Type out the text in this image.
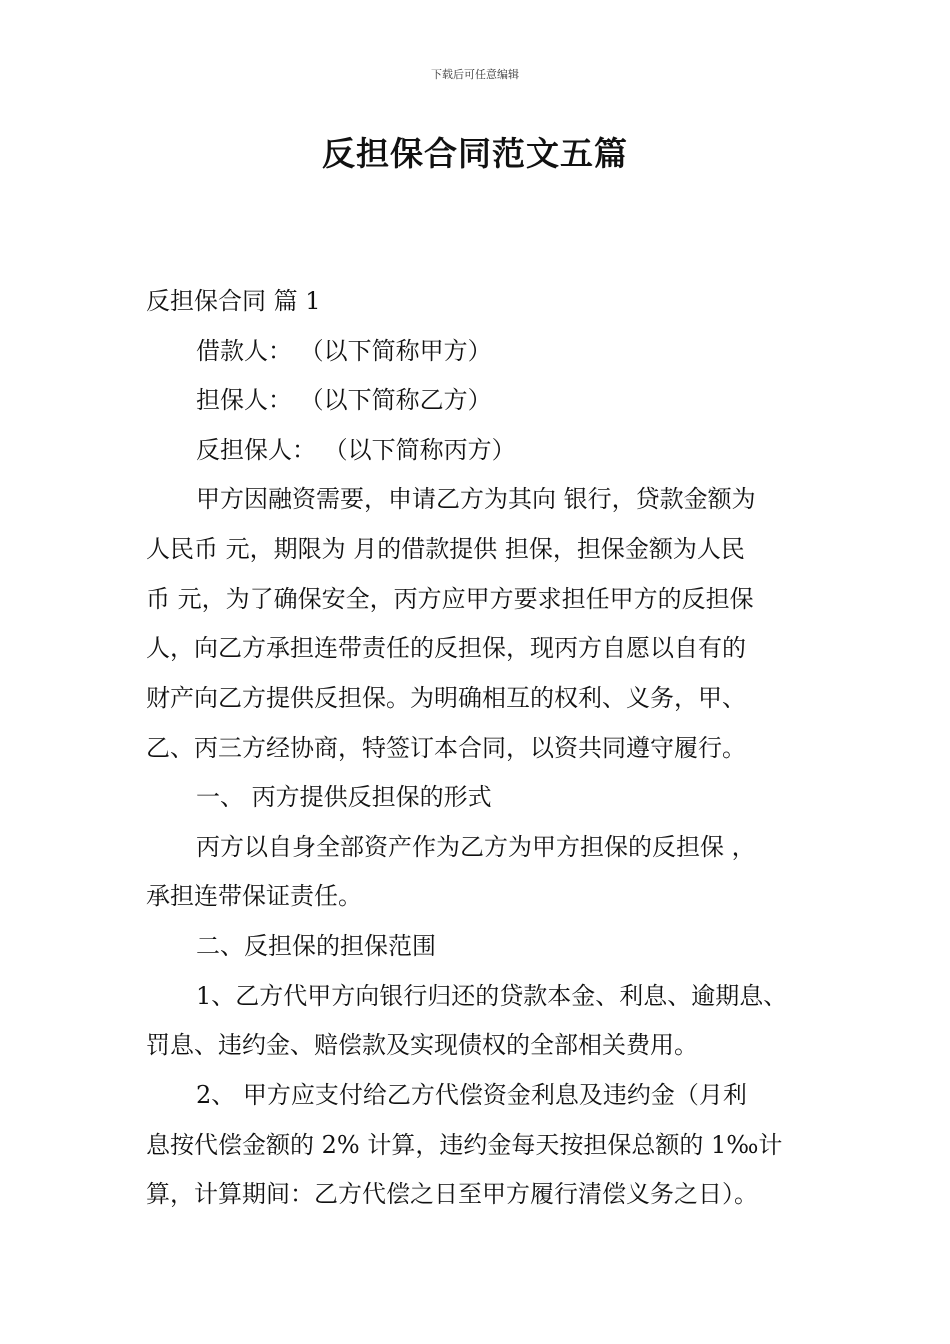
下载后可任意编辑
反担保合同范文五篇
反担保合同 篇 1
借款人： （以下简称甲方）
担保人： （以下简称乙方）
反担保人： （以下简称丙方）
甲方因融资需要，申请乙方为其向 银行，贷款金额为
人民币 元，期限为 月的借款提供 担保，担保金额为人民
币 元，为了确保安全，丙方应甲方要求担任甲方的反担保
人，向乙方承担连带责任的反担保，现丙方自愿以自有的
财产向乙方提供反担保。为明确相互的权利、义务，甲、
乙、丙三方经协商，特签订本合同，以资共同遵守履行。
一、 丙方提供反担保的形式
丙方以自身全部资产作为乙方为甲方担保的反担保 ，
承担连带保证责任。
二、反担保的担保范围
1、乙方代甲方向银行归还的贷款本金、利息、逾期息、
罚息、违约金、赔偿款及实现债权的全部相关费用。
2、 甲方应支付给乙方代偿资金利息及违约金（月利
息按代偿金额的 2% 计算，违约金每天按担保总额的 1‰计
算，计算期间：乙方代偿之日至甲方履行清偿义务之日）。
